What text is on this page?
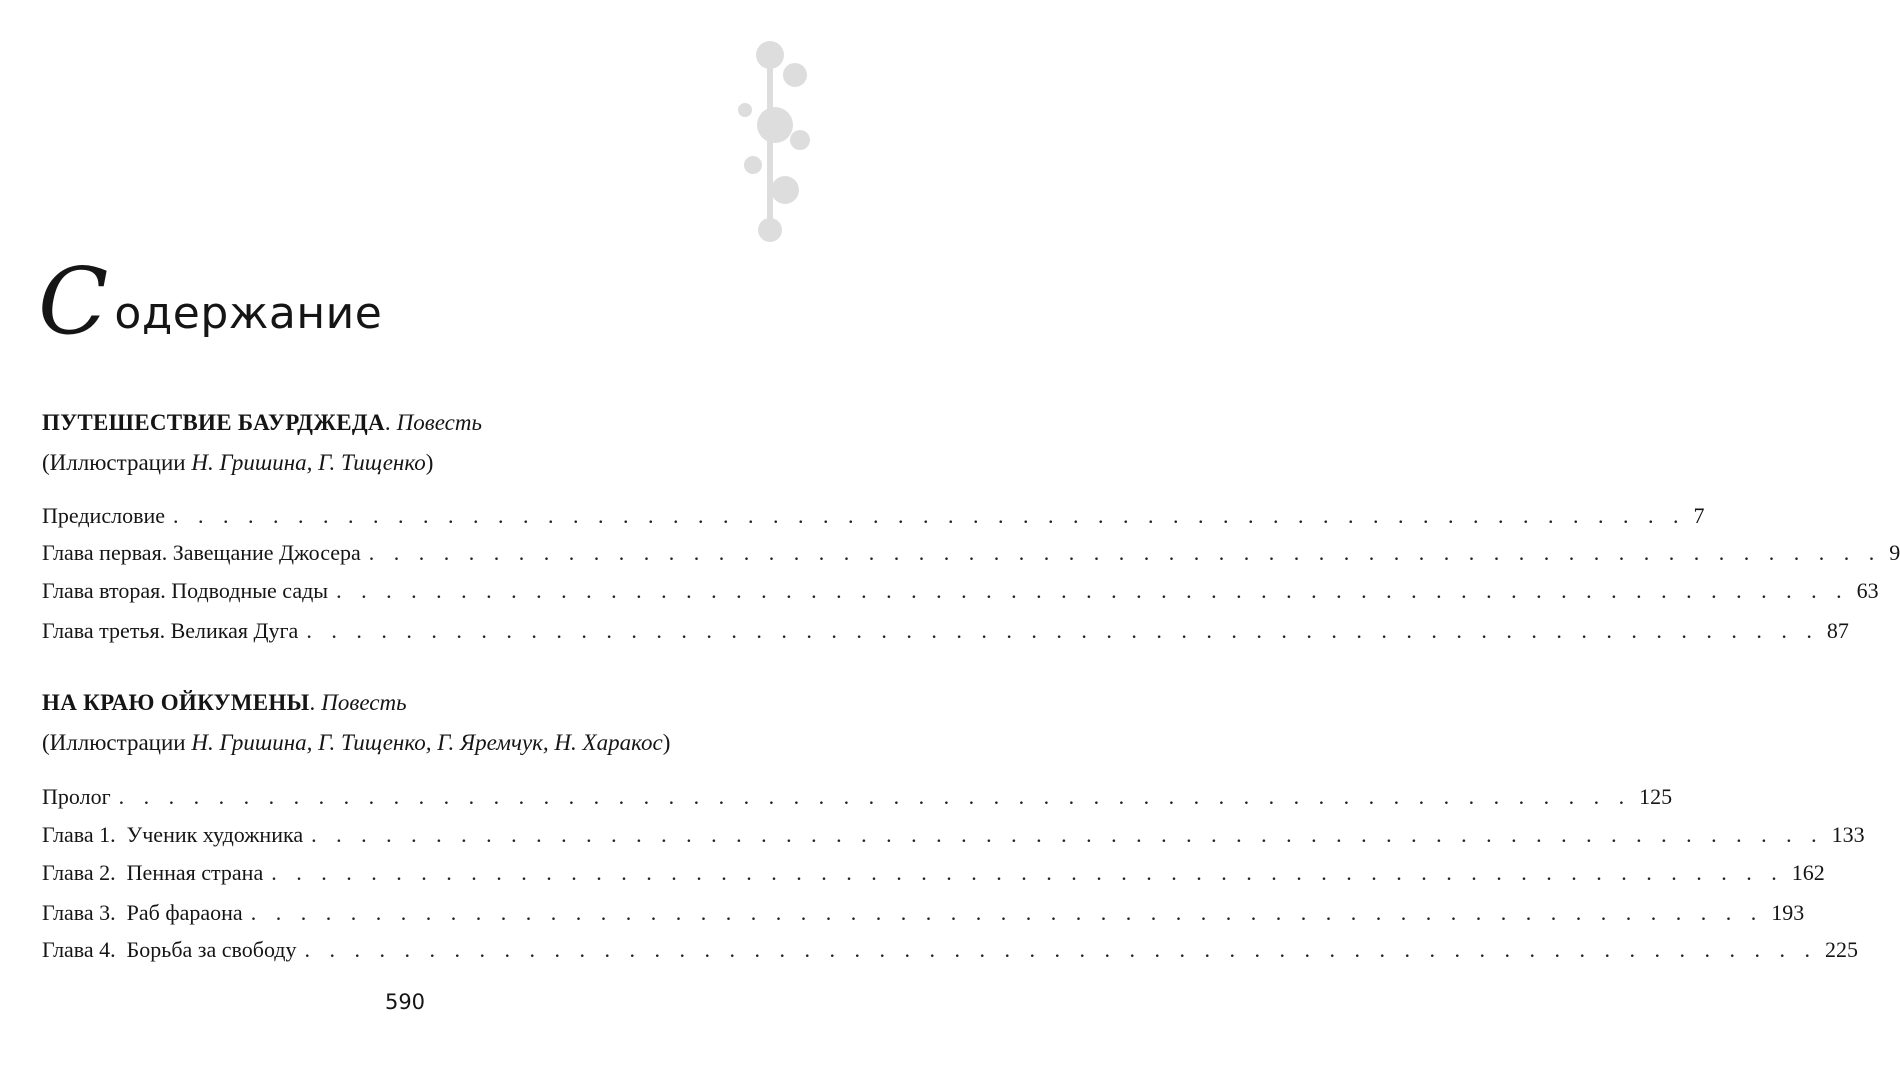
С одержание
ПУТЕШЕСТВИЕ БАУРДЖЕДА. Повесть
(Иллюстрации Н. Гришина, Г. Тищенко)
Предисловие . . . . . . . . . . . . . . . . . . . . . . . . . . . . . . . . . . . . . . . . . . . . . . . . . . . . . . . . . . . . . 7
Глава первая. Завещание Джосера . . . . . . . . . . . . . . . . . . . . . . . . . . . . . . . . . . . . . . . . . . . . . . . . . . . . . . . . . . . . . 9
Глава вторая. Подводные сады . . . . . . . . . . . . . . . . . . . . . . . . . . . . . . . . . . . . . . . . . . . . . . . . . . . . . . . . . . . . . 63
Глава третья. Великая Дуга . . . . . . . . . . . . . . . . . . . . . . . . . . . . . . . . . . . . . . . . . . . . . . . . . . . . . . . . . . . . . 87
НА КРАЮ ОЙКУМЕНЫ. Повесть
(Иллюстрации Н. Гришина, Г. Тищенко, Г. Яремчук, Н. Харакос)
Пролог . . . . . . . . . . . . . . . . . . . . . . . . . . . . . . . . . . . . . . . . . . . . . . . . . . . . . . . . . . . . . 125
Глава 1.  Ученик художника . . . . . . . . . . . . . . . . . . . . . . . . . . . . . . . . . . . . . . . . . . . . . . . . . . . . . . . . . . . . . 133
Глава 2.  Пенная страна . . . . . . . . . . . . . . . . . . . . . . . . . . . . . . . . . . . . . . . . . . . . . . . . . . . . . . . . . . . . . 162
Глава 3.  Раб фараона . . . . . . . . . . . . . . . . . . . . . . . . . . . . . . . . . . . . . . . . . . . . . . . . . . . . . . . . . . . . . 193
Глава 4.  Борьба за свободу . . . . . . . . . . . . . . . . . . . . . . . . . . . . . . . . . . . . . . . . . . . . . . . . . . . . . . . . . . . . . 225
590
